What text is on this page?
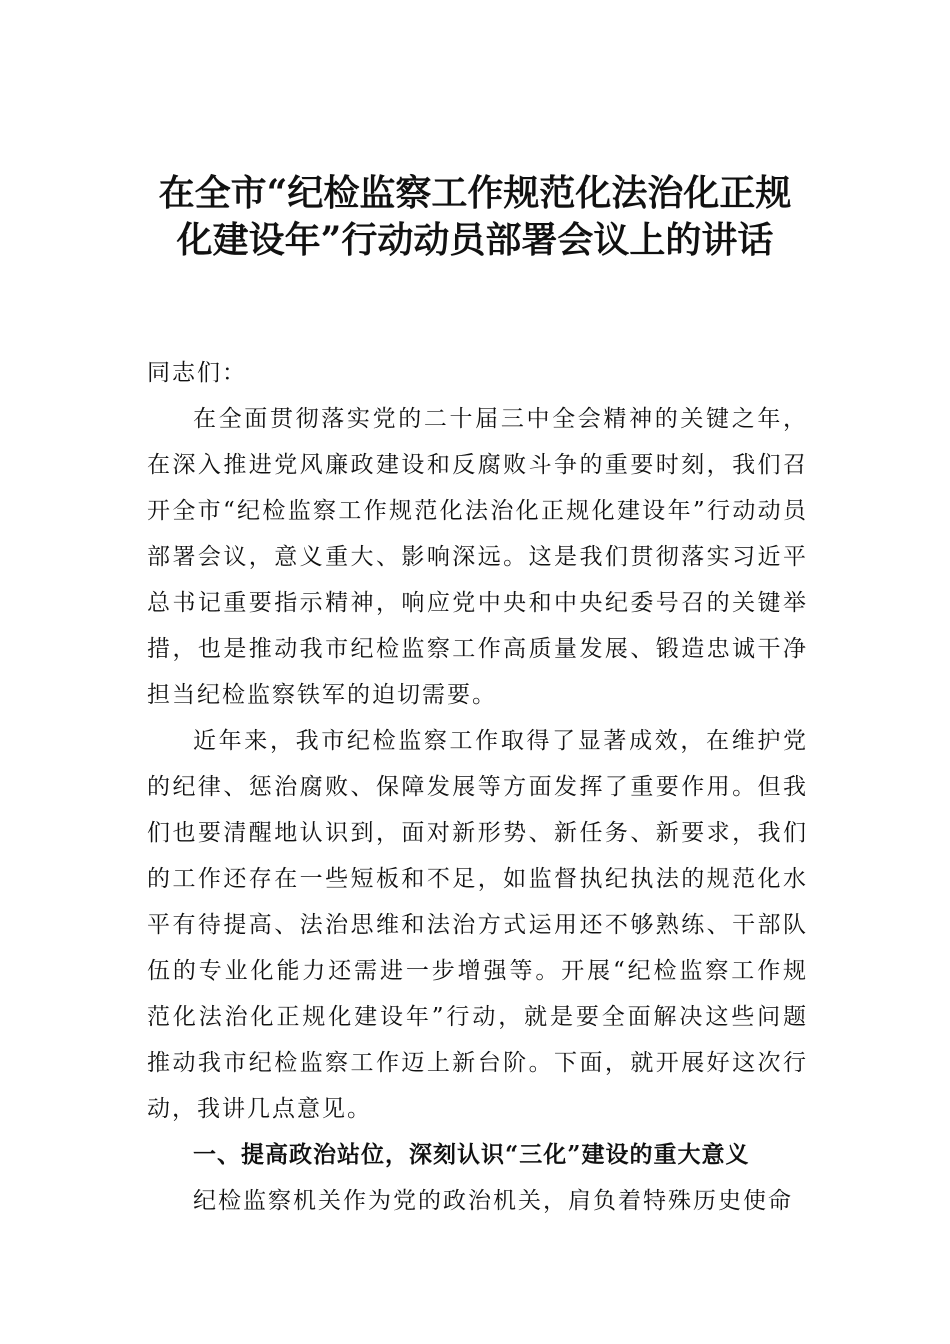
在全市“纪检监察工作规范化法治化正规
化建设年”行动动员部署会议上的讲话

同志们：

在全面贯彻落实党的二十届三中全会精神的关键之年，在深入推进党风廉政建设和反腐败斗争的重要时刻，我们召开全市“纪检监察工作规范化法治化正规化建设年”行动动员部署会议，意义重大、影响深远。这是我们贯彻落实习近平总书记重要指示精神，响应党中央和中央纪委号召的关键举措，也是推动我市纪检监察工作高质量发展、锻造忠诚干净担当纪检监察铁军的迫切需要。

近年来，我市纪检监察工作取得了显著成效，在维护党的纪律、惩治腐败、保障发展等方面发挥了重要作用。但我们也要清醒地认识到，面对新形势、新任务、新要求，我们的工作还存在一些短板和不足，如监督执纪执法的规范化水平有待提高、法治思维和法治方式运用还不够熟练、干部队伍的专业化能力还需进一步增强等。开展“纪检监察工作规范化法治化正规化建设年”行动，就是要全面解决这些问题推动我市纪检监察工作迈上新台阶。下面，就开展好这次行动，我讲几点意见。

一、提高政治站位，深刻认识“三化”建设的重大意义

纪检监察机关作为党的政治机关，肩负着特殊历史使命
